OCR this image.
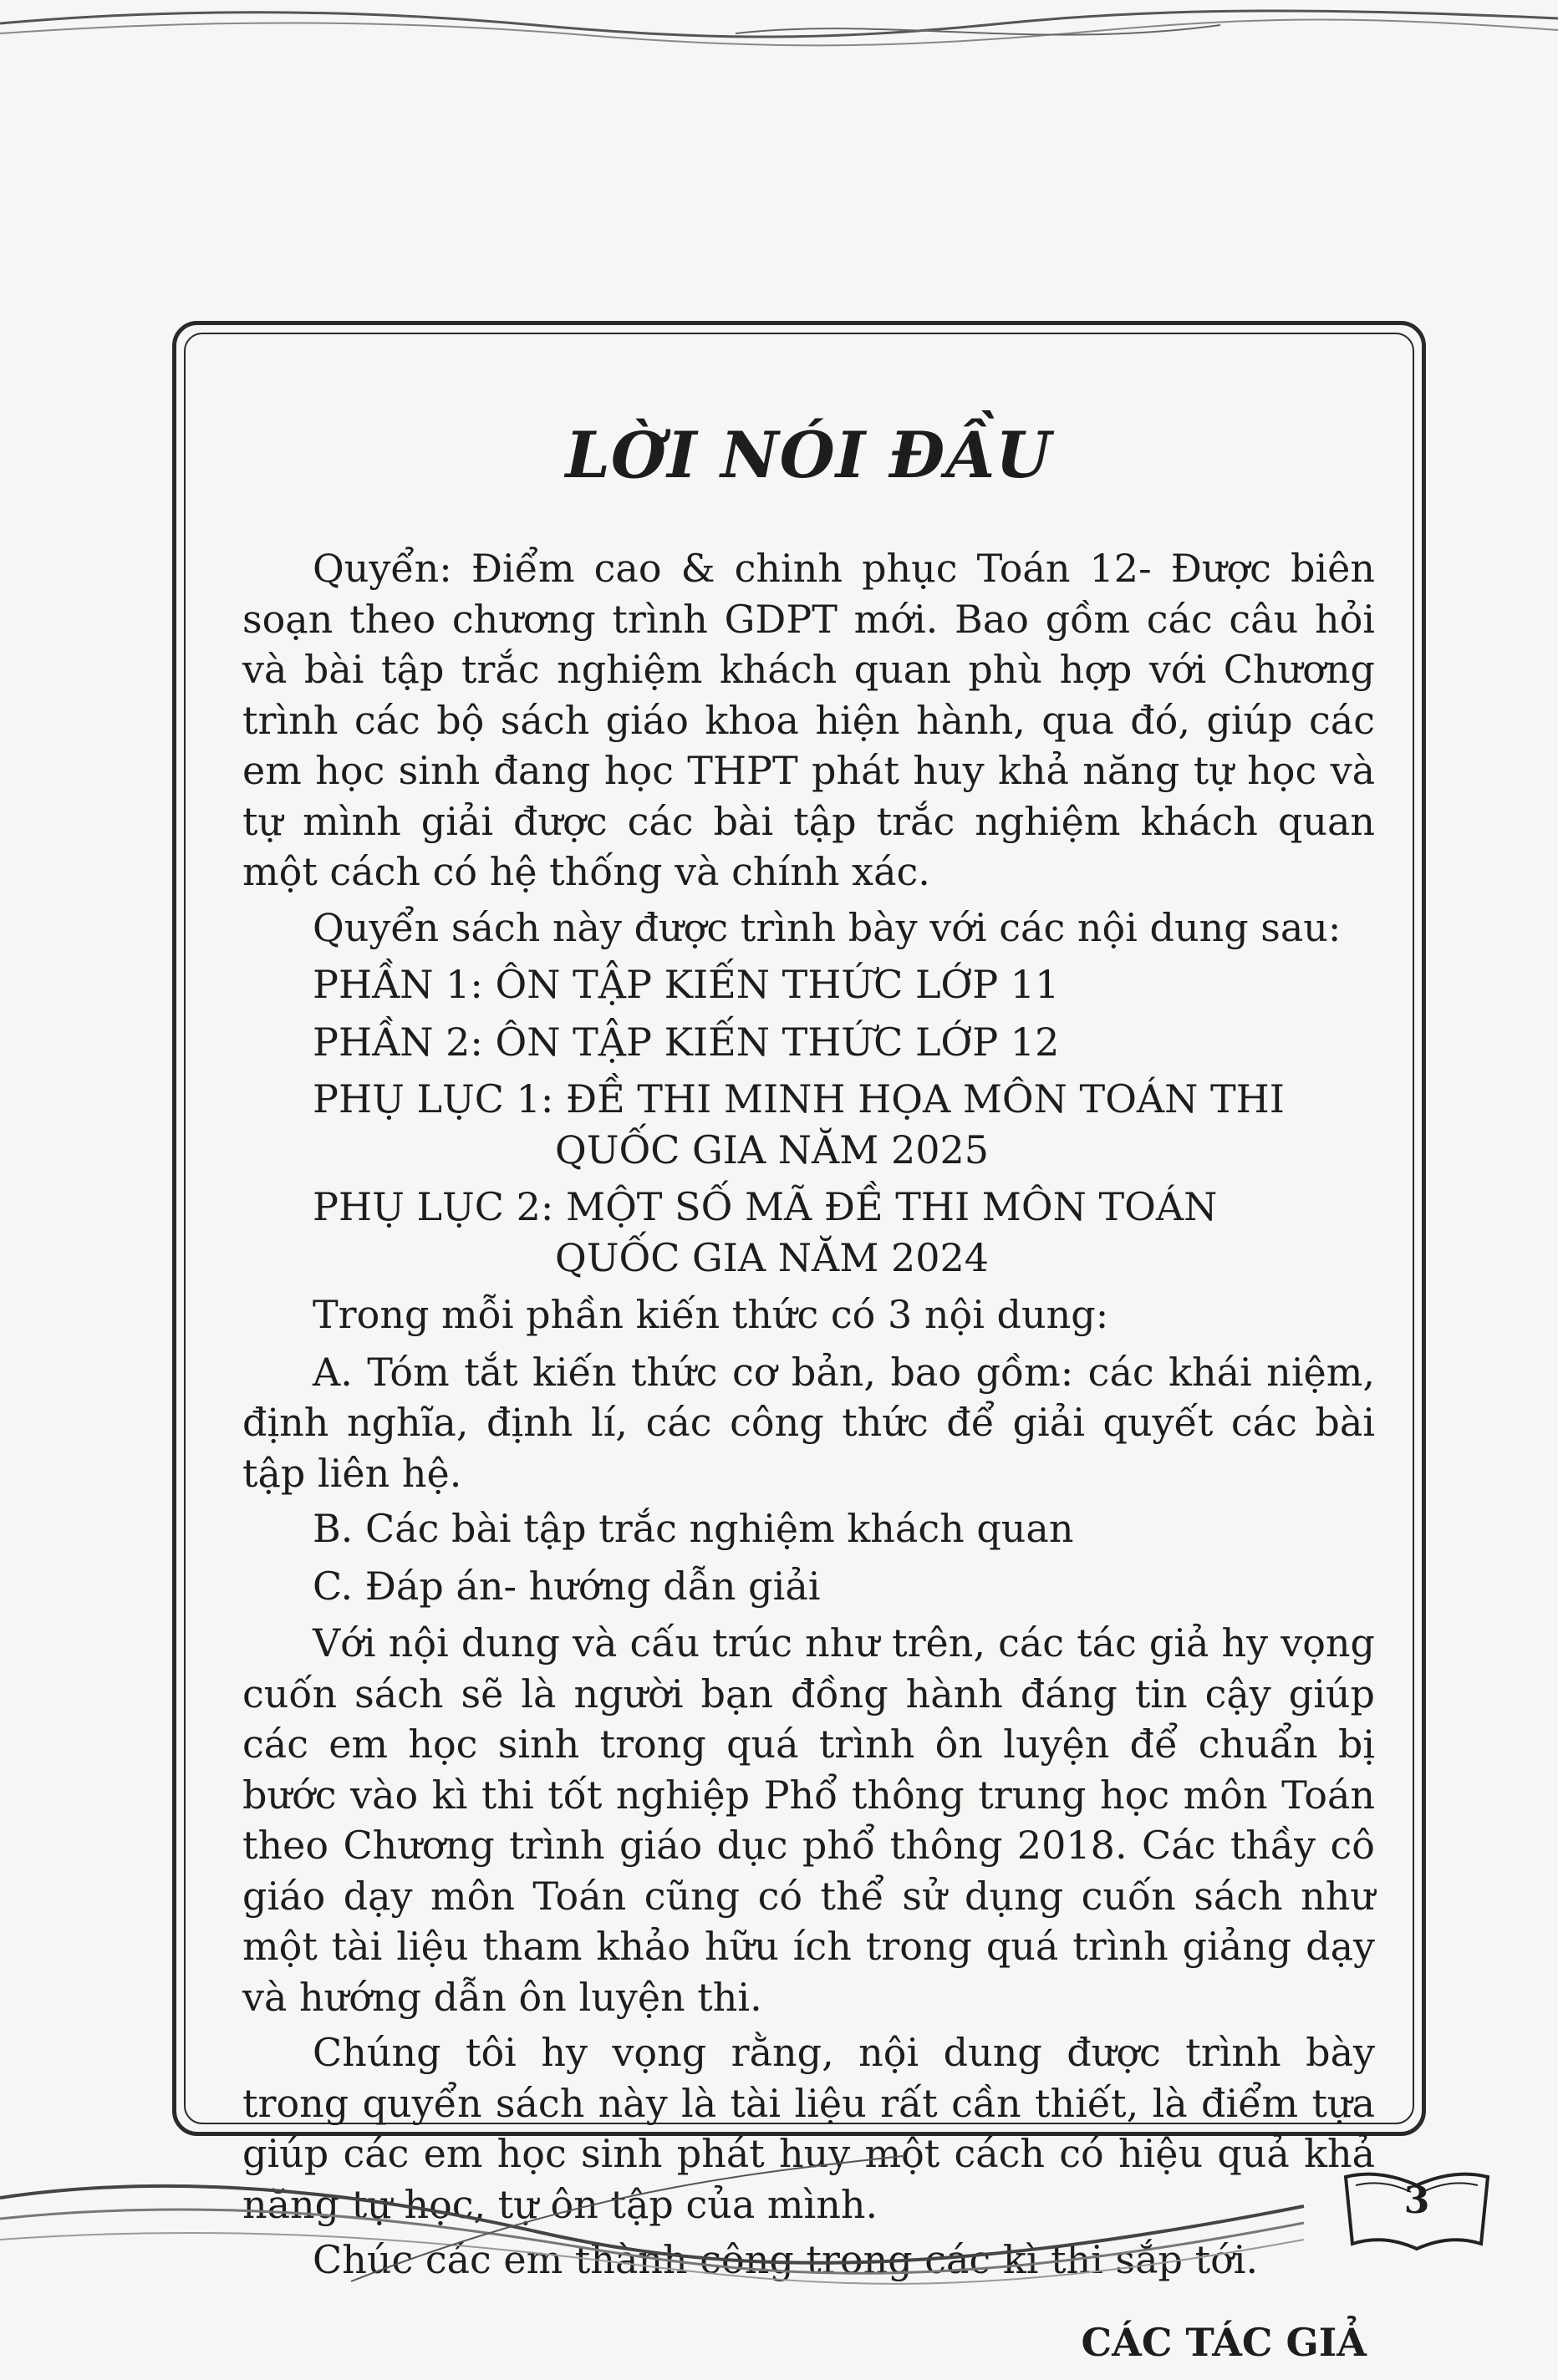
LỜI NÓI ĐẦU

Quyển: Điểm cao & chinh phục Toán 12- Được biên soạn theo chương trình GDPT mới. Bao gồm các câu hỏi và bài tập trắc nghiệm khách quan phù hợp với Chương trình các bộ sách giáo khoa hiện hành, qua đó, giúp các em học sinh đang học THPT phát huy khả năng tự học và tự mình giải được các bài tập trắc nghiệm khách quan một cách có hệ thống và chính xác.

Quyển sách này được trình bày với các nội dung sau:

PHẦN 1: ÔN TẬP KIẾN THỨC LỚP 11

PHẦN 2: ÔN TẬP KIẾN THỨC LỚP 12

PHỤ LỤC 1: ĐỀ THI MINH HỌA MÔN TOÁN THI
QUỐC GIA NĂM 2025

PHỤ LỤC 2: MỘT SỐ MÃ ĐỀ THI MÔN TOÁN
QUỐC GIA NĂM 2024

Trong mỗi phần kiến thức có 3 nội dung:

A. Tóm tắt kiến thức cơ bản, bao gồm: các khái niệm, định nghĩa, định lí, các công thức để giải quyết các bài tập liên hệ.

B. Các bài tập trắc nghiệm khách quan

C. Đáp án- hướng dẫn giải

Với nội dung và cấu trúc như trên, các tác giả hy vọng cuốn sách sẽ là người bạn đồng hành đáng tin cậy giúp các em học sinh trong quá trình ôn luyện để chuẩn bị bước vào kì thi tốt nghiệp Phổ thông trung học môn Toán theo Chương trình giáo dục phổ thông 2018. Các thầy cô giáo dạy môn Toán cũng có thể sử dụng cuốn sách như một tài liệu tham khảo hữu ích trong quá trình giảng dạy và hướng dẫn ôn luyện thi.

Chúng tôi hy vọng rằng, nội dung được trình bày trong quyển sách này là tài liệu rất cần thiết, là điểm tựa giúp các em học sinh phát huy một cách có hiệu quả khả năng tự học, tự ôn tập của mình.

Chúc các em thành công trong các kì thi sắp tới.

CÁC TÁC GIẢ
3
